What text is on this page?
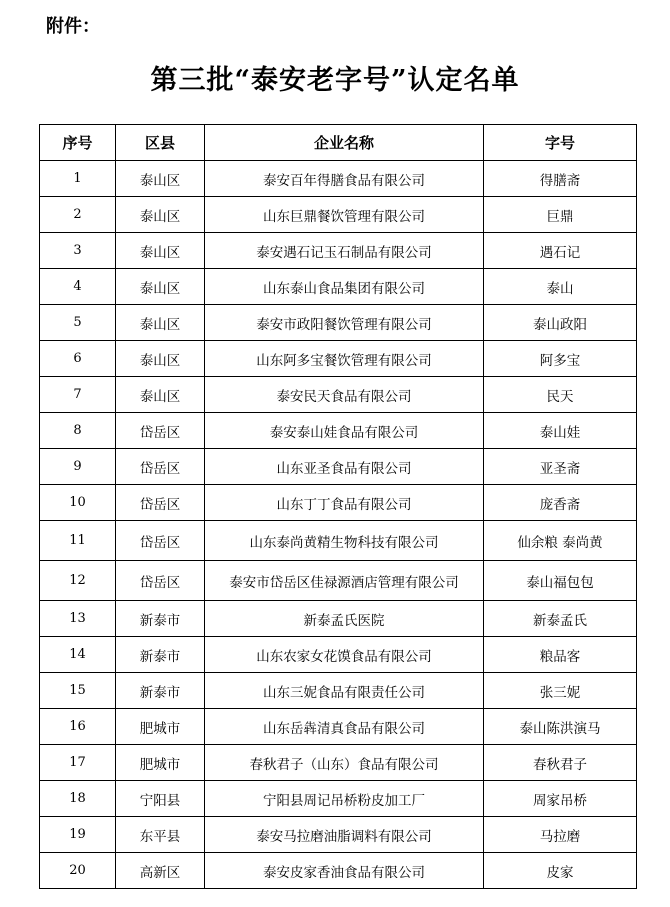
附件：
第三批“泰安老字号”认定名单
序号	区县	企业名称	字号
1	泰山区	泰安百年得膳食品有限公司	得膳斋
2	泰山区	山东巨鼎餐饮管理有限公司	巨鼎
3	泰山区	泰安遇石记玉石制品有限公司	遇石记
4	泰山区	山东泰山食品集团有限公司	泰山
5	泰山区	泰安市政阳餐饮管理有限公司	泰山政阳
6	泰山区	山东阿多宝餐饮管理有限公司	阿多宝
7	泰山区	泰安民天食品有限公司	民天
8	岱岳区	泰安泰山娃食品有限公司	泰山娃
9	岱岳区	山东亚圣食品有限公司	亚圣斋
10	岱岳区	山东丁丁食品有限公司	庞香斋
11	岱岳区	山东泰尚黄精生物科技有限公司	仙余粮 泰尚黄
12	岱岳区	泰安市岱岳区佳禄源酒店管理有限公司	泰山福包包
13	新泰市	新泰孟氏医院	新泰孟氏
14	新泰市	山东农家女花馍食品有限公司	粮品客
15	新泰市	山东三妮食品有限责任公司	张三妮
16	肥城市	山东岳犇清真食品有限公司	泰山陈洪演马
17	肥城市	春秋君子（山东）食品有限公司	春秋君子
18	宁阳县	宁阳县周记吊桥粉皮加工厂	周家吊桥
19	东平县	泰安马拉磨油脂调料有限公司	马拉磨
20	高新区	泰安皮家香油食品有限公司	皮家
